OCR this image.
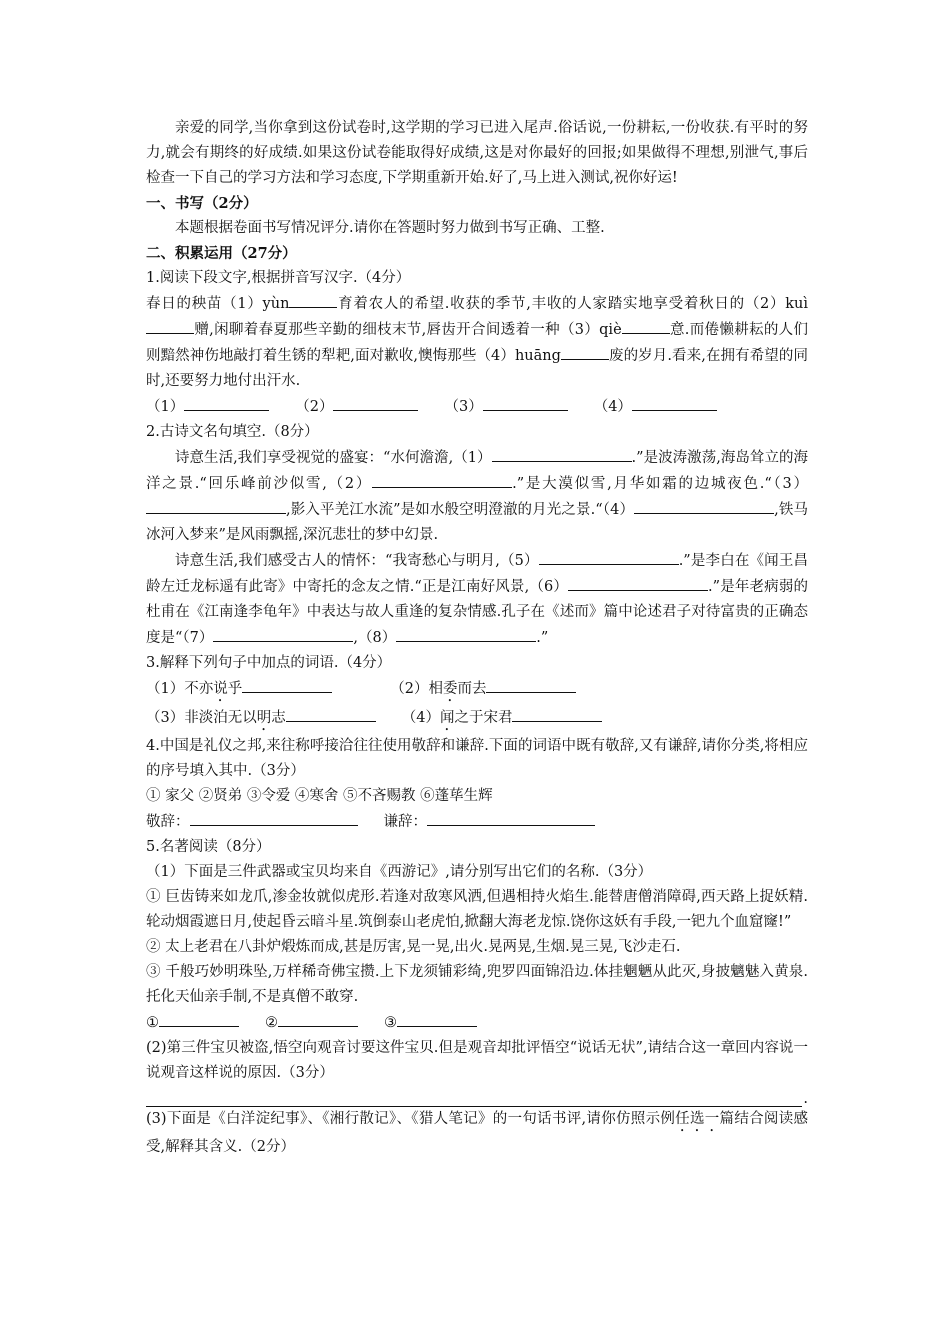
亲爱的同学,当你拿到这份试卷时,这学期的学习已进入尾声.俗话说,一份耕耘,一份收获.有平时的努力,就会有期终的好成绩.如果这份试卷能取得好成绩,这是对你最好的回报;如果做得不理想,别泄气,事后检查一下自己的学习方法和学习态度,下学期重新开始.好了,马上进入测试,祝你好运!

一、书写（2分）

本题根据卷面书写情况评分.请你在答题时努力做到书写正确、工整.

二、积累运用（27分）

1.阅读下段文字,根据拼音写汉字.（4分）

春日的秧苗（1）yùn	育着农人的希望.收获的季节,丰收的人家踏实地享受着秋日的（2）kuì赠,闲聊着春夏那些辛勤的细枝末节,唇齿开合间透着一种（3）qiè	意.而倦懒耕耘的人们则黯然神伤地敲打着生锈的犁耙,面对歉收,懊悔那些（4）huāng	废的岁月.看来,在拥有希望的同时,还要努力地付出汗水.

（1）	（2）	（3）	（4）

2.古诗文名句填空.（8分）

诗意生活,我们享受视觉的盛宴：“水何澹澹,（1）	.”是波涛激荡,海岛耸立的海洋之景.“回乐峰前沙似雪,（2）	.”是大漠似雪,月华如霜的边城夜色.“（3）,影入平羌江水流”是如水般空明澄澈的月光之景.“（4）	,铁马冰河入梦来”是风雨飘摇,深沉悲壮的梦中幻景.

诗意生活,我们感受古人的情怀：“我寄愁心与明月,（5）	.”是李白在《闻王昌龄左迁龙标遥有此寄》中寄托的念友之情.“正是江南好风景,（6）	.”是年老病弱的杜甫在《江南逢李龟年》中表达与故人重逢的复杂情感.孔子在《述而》篇中论述君子对待富贵的正确态度是“（7）	,（8）	.”

3.解释下列句子中加点的词语.（4分）

（1）不亦说乎	（2）相委而去

（3）非淡泊无以明志	（4）闻之于宋君

4.中国是礼仪之邦,来往称呼接洽往往使用敬辞和谦辞.下面的词语中既有敬辞,又有谦辞,请你分类,将相应的序号填入其中.（3分）

① 家父 ②贤弟 ③令爱 ④寒舍 ⑤不吝赐教 ⑥蓬荜生辉

敬辞：	谦辞：

5.名著阅读（8分）

（1）下面是三件武器或宝贝均来自《西游记》,请分别写出它们的名称.（3分）

① 巨齿铸来如龙爪,渗金妆就似虎形.若逢对敌寒风洒,但遇相持火焰生.能替唐僧消障碍,西天路上捉妖精.轮动烟霞遮日月,使起昏云暗斗星.筑倒泰山老虎怕,掀翻大海老龙惊.饶你这妖有手段,一钯九个血窟窿!”

② 太上老君在八卦炉煅炼而成,甚是厉害,晃一晃,出火.晃两晃,生烟.晃三晃,飞沙走石.

③ 千般巧妙明珠坠,万样稀奇佛宝攒.上下龙须铺彩绮,兜罗四面锦沿边.体挂魍魉从此灭,身披魑魅入黄泉.托化天仙亲手制,不是真僧不敢穿.

①	②	③

(2)第三件宝贝被盗,悟空向观音讨要这件宝贝.但是观音却批评悟空“说话无状”,请结合这一章回内容说一说观音这样说的原因.（3分）

.

(3)下面是《白洋淀纪事》、《湘行散记》、《猎人笔记》的一句话书评,请你仿照示例任选一篇结合阅读感受,解释其含义.（2分）
